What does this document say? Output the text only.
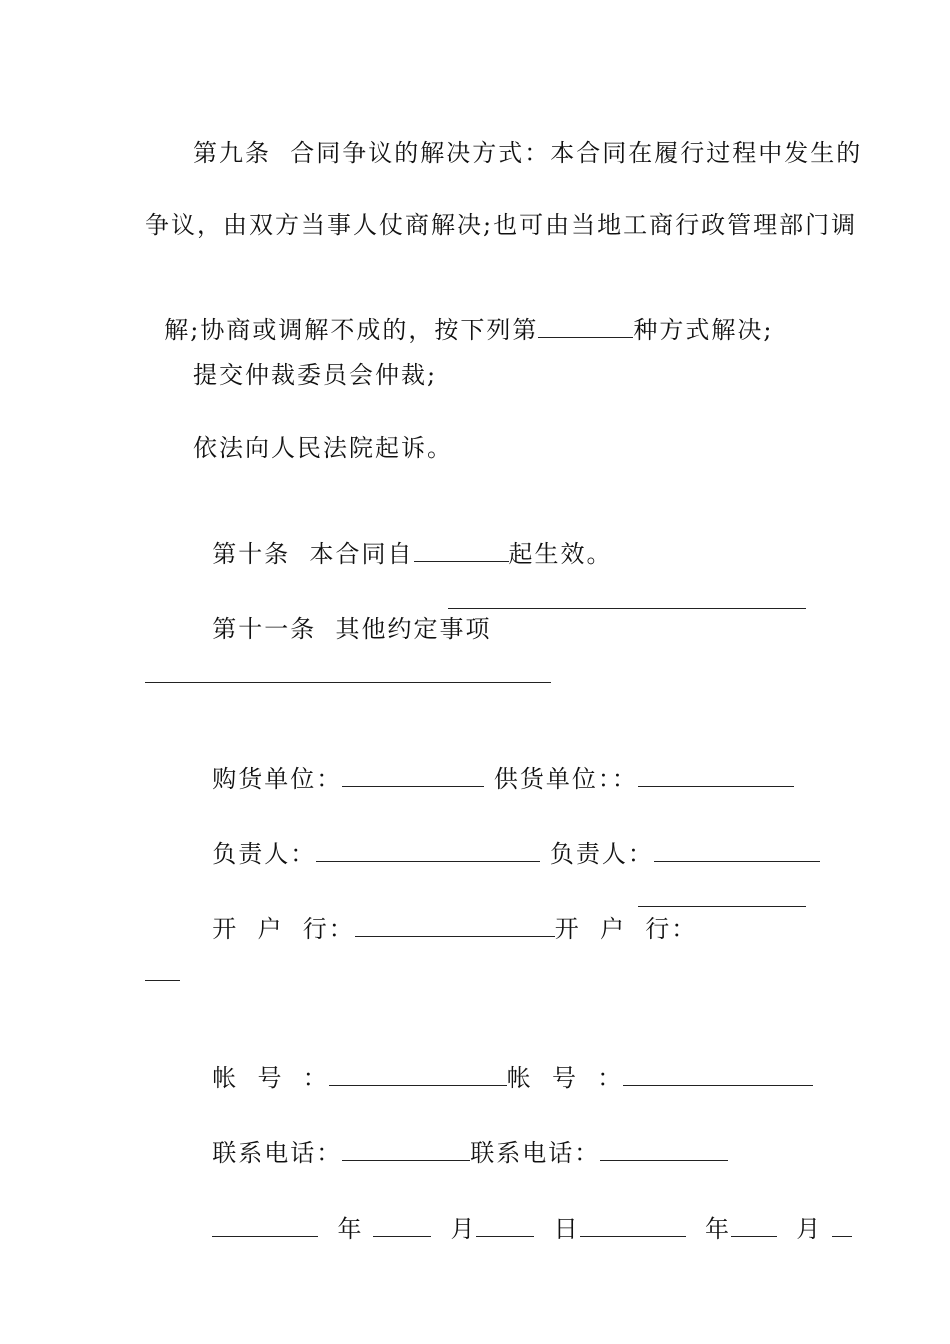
第九条  合同争议的解决方式：本合同在履行过程中发生的
争议，由双方当事人仗商解决;也可由当地工商行政管理部门调

解;协商或调解不成的，按下列第	种方式解决;

提交仲裁委员会仲裁;
依法向人民法院起诉。

第十条  本合同自	起生效。

第十一条  其他约定事项

购货单位：	供货单位：：

负责人：	负责人：

开  户  行：	开  户  行：

帐  号  ：	帐  号  ：

联系电话：	联系电话：

年	月	日	年	月
